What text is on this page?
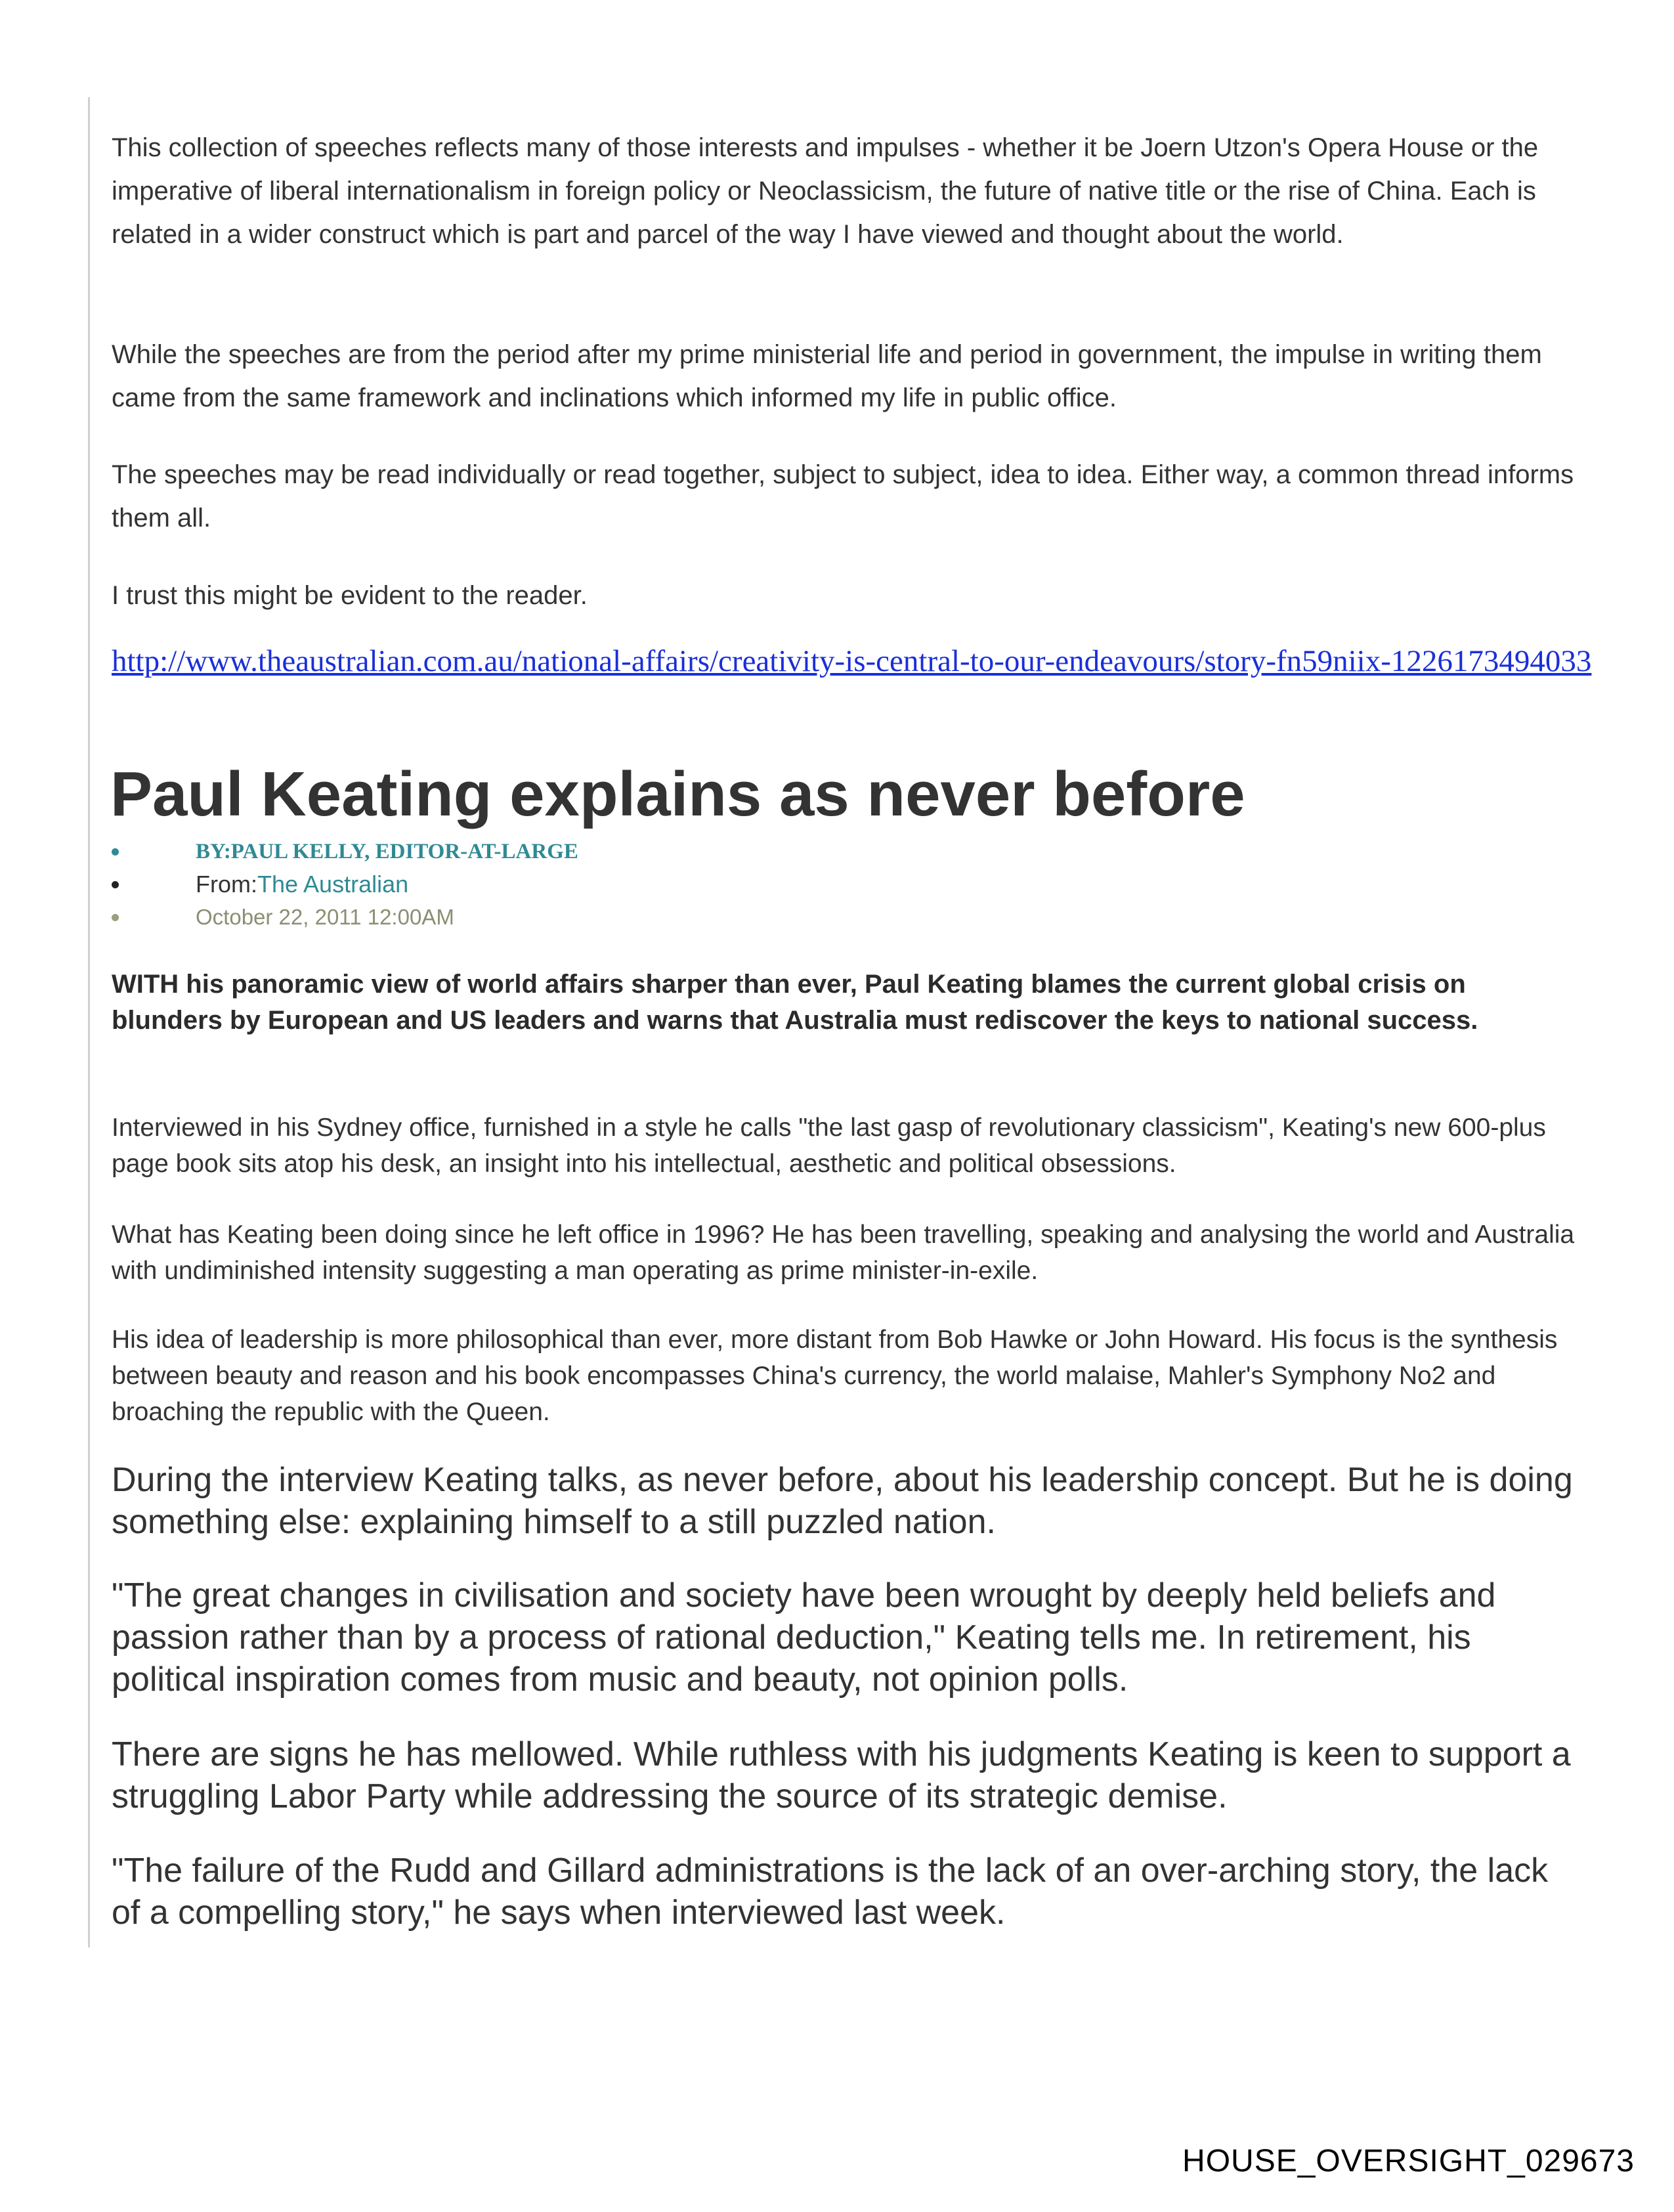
This collection of speeches reflects many of those interests and impulses - whether it be Joern Utzon's Opera House or the imperative of liberal internationalism in foreign policy or Neoclassicism, the future of native title or the rise of China. Each is related in a wider construct which is part and parcel of the way I have viewed and thought about the world.

While the speeches are from the period after my prime ministerial life and period in government, the impulse in writing them came from the same framework and inclinations which informed my life in public office.

The speeches may be read individually or read together, subject to subject, idea to idea. Either way, a common thread informs them all.

I trust this might be evident to the reader.

http://www.theaustralian.com.au/national-affairs/creativity-is-central-to-our-endeavours/story-fn59niix-1226173494033

Paul Keating explains as never before
BY:PAUL KELLY, EDITOR-AT-LARGE
From:The Australian
October 22, 2011 12:00AM

WITH his panoramic view of world affairs sharper than ever, Paul Keating blames the current global crisis on blunders by European and US leaders and warns that Australia must rediscover the keys to national success.

Interviewed in his Sydney office, furnished in a style he calls "the last gasp of revolutionary classicism", Keating's new 600-plus page book sits atop his desk, an insight into his intellectual, aesthetic and political obsessions.

What has Keating been doing since he left office in 1996? He has been travelling, speaking and analysing the world and Australia with undiminished intensity suggesting a man operating as prime minister-in-exile.

His idea of leadership is more philosophical than ever, more distant from Bob Hawke or John Howard. His focus is the synthesis between beauty and reason and his book encompasses China's currency, the world malaise, Mahler's Symphony No2 and broaching the republic with the Queen.

During the interview Keating talks, as never before, about his leadership concept. But he is doing something else: explaining himself to a still puzzled nation.

"The great changes in civilisation and society have been wrought by deeply held beliefs and passion rather than by a process of rational deduction," Keating tells me. In retirement, his political inspiration comes from music and beauty, not opinion polls.

There are signs he has mellowed. While ruthless with his judgments Keating is keen to support a struggling Labor Party while addressing the source of its strategic demise.

"The failure of the Rudd and Gillard administrations is the lack of an over-arching story, the lack of a compelling story," he says when interviewed last week.

HOUSE_OVERSIGHT_029673
